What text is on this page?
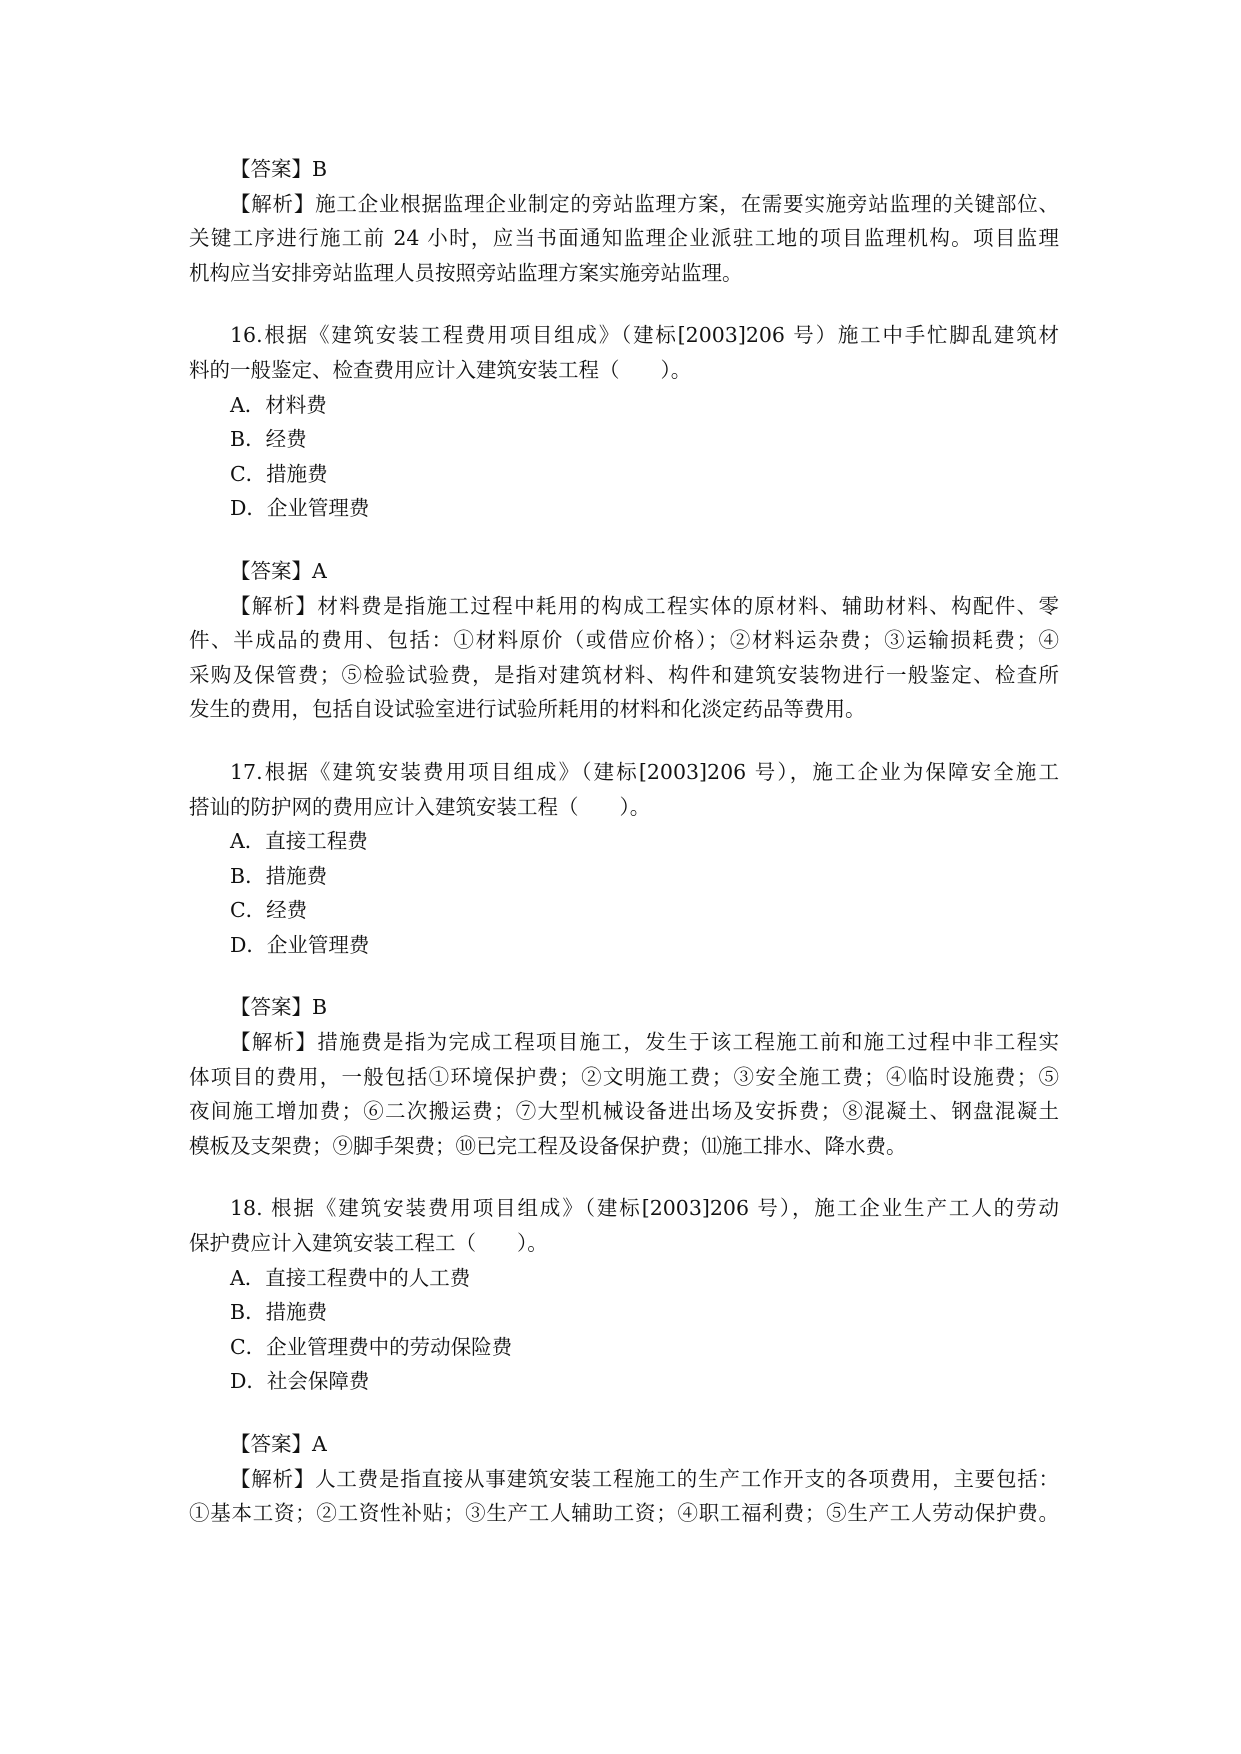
【答案】B
【解析】施工企业根据监理企业制定的旁站监理方案，在需要实施旁站监理的关键部位、
关键工序进行施工前 24 小时，应当书面通知监理企业派驻工地的项目监理机构。项目监理
机构应当安排旁站监理人员按照旁站监理方案实施旁站监理。
16.根据《建筑安装工程费用项目组成》（建标[2003]206 号）施工中手忙脚乱建筑材
料的一般鉴定、检查费用应计入建筑安装工程（　　）。
A．材料费
B．经费
C．措施费
D．企业管理费
【答案】A
【解析】材料费是指施工过程中耗用的构成工程实体的原材料、辅助材料、构配件、零
件、半成品的费用、包括：①材料原价（或借应价格）；②材料运杂费；③运输损耗费；④
采购及保管费；⑤检验试验费，是指对建筑材料、构件和建筑安装物进行一般鉴定、检查所
发生的费用，包括自设试验室进行试验所耗用的材料和化淡定药品等费用。
17.根据《建筑安装费用项目组成》（建标[2003]206 号），施工企业为保障安全施工
搭讪的防护网的费用应计入建筑安装工程（　　）。
A．直接工程费
B．措施费
C．经费
D．企业管理费
【答案】B
【解析】措施费是指为完成工程项目施工，发生于该工程施工前和施工过程中非工程实
体项目的费用，一般包括①环境保护费；②文明施工费；③安全施工费；④临时设施费；⑤
夜间施工增加费；⑥二次搬运费；⑦大型机械设备进出场及安拆费；⑧混凝土、钢盘混凝土
模板及支架费；⑨脚手架费；⑩已完工程及设备保护费；⑾施工排水、降水费。
18. 根据《建筑安装费用项目组成》（建标[2003]206 号），施工企业生产工人的劳动
保护费应计入建筑安装工程工（　　）。
A．直接工程费中的人工费
B．措施费
C．企业管理费中的劳动保险费
D．社会保障费
【答案】A
【解析】人工费是指直接从事建筑安装工程施工的生产工作开支的各项费用，主要包括：
①基本工资；②工资性补贴；③生产工人辅助工资；④职工福利费；⑤生产工人劳动保护费。
